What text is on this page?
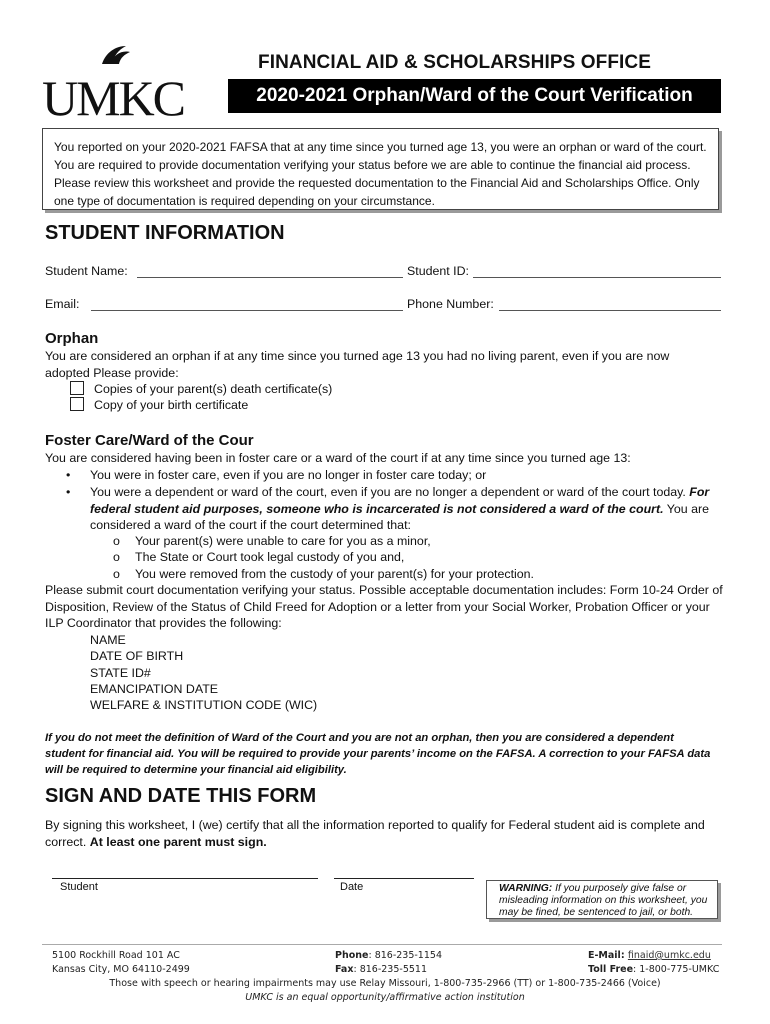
UMKC
FINANCIAL AID & SCHOLARSHIPS OFFICE
2020-2021 Orphan/Ward of the Court Verification
You reported on your 2020-2021 FAFSA that at any time since you turned age 13, you were an orphan or ward of the court. You are required to provide documentation verifying your status before we are able to continue the financial aid process. Please review this worksheet and provide the requested documentation to the Financial Aid and Scholarships Office. Only one type of documentation is required depending on your circumstance.
STUDENT INFORMATION
Student Name:	Student ID:
Email:	Phone Number:
Orphan
You are considered an orphan if at any time since you turned age 13 you had no living parent, even if you are now adopted Please provide:
Copies of your parent(s) death certificate(s)
Copy of your birth certificate
Foster Care/Ward of the Cour
You are considered having been in foster care or a ward of the court if at any time since you turned age 13:
• You were in foster care, even if you are no longer in foster care today; or
• You were a dependent or ward of the court, even if you are no longer a dependent or ward of the court today. For federal student aid purposes, someone who is incarcerated is not considered a ward of the court. You are considered a ward of the court if the court determined that:
o Your parent(s) were unable to care for you as a minor,
o The State or Court took legal custody of you and,
o You were removed from the custody of your parent(s) for your protection.
Please submit court documentation verifying your status. Possible acceptable documentation includes: Form 10-24 Order of Disposition, Review of the Status of Child Freed for Adoption or a letter from your Social Worker, Probation Officer or your ILP Coordinator that provides the following:
NAME
DATE OF BIRTH
STATE ID#
EMANCIPATION DATE
WELFARE & INSTITUTION CODE (WIC)
If you do not meet the definition of Ward of the Court and you are not an orphan, then you are considered a dependent student for financial aid. You will be required to provide your parents’ income on the FAFSA. A correction to your FAFSA data will be required to determine your financial aid eligibility.
SIGN AND DATE THIS FORM
By signing this worksheet, I (we) certify that all the information reported to qualify for Federal student aid is complete and correct. At least one parent must sign.
Student	Date	WARNING: If you purposely give false or misleading information on this worksheet, you may be fined, be sentenced to jail, or both.
5100 Rockhill Road 101 AC
Kansas City, MO 64110-2499
Phone: 816-235-1154
Fax: 816-235-5511
E-Mail: finaid@umkc.edu
Toll Free: 1-800-775-UMKC
Those with speech or hearing impairments may use Relay Missouri, 1-800-735-2966 (TT) or 1-800-735-2466 (Voice)
UMKC is an equal opportunity/affirmative action institution
